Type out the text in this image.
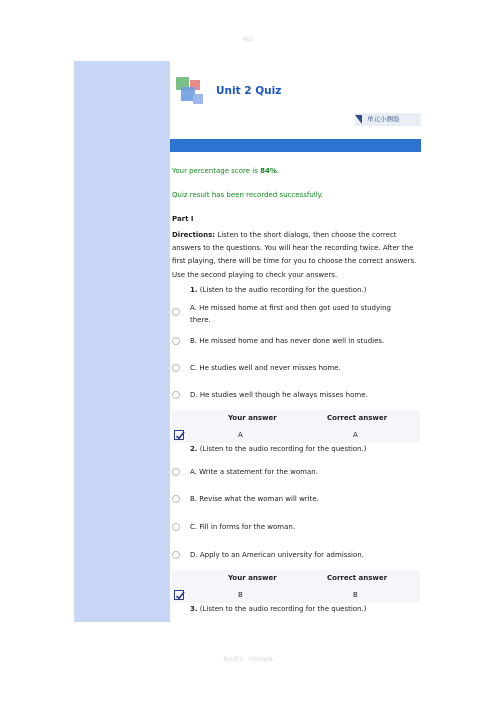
精品
Unit 2 Quiz
单元小测验
Your percentage score is 84%.
Quiz result has been recorded successfully.
Part I
Directions: Listen to the short dialogs, then choose the correct answers to the questions. You will hear the recording twice. After the first playing, there will be time for you to choose the correct answers. Use the second playing to check your answers.
1. (Listen to the audio recording for the question.)
A. He missed home at first and then got used to studying there.
B. He missed home and has never done well in studies.
C. He studies well and never misses home.
D. He studies well though he always misses home.
Your answer	Correct answer
A	A
2. (Listen to the audio recording for the question.)
A. Write a statement for the woman.
B. Revise what the woman will write.
C. Fill in forms for the woman.
D. Apply to an American university for admission.
Your answer	Correct answer
B	B
3. (Listen to the audio recording for the question.)
精品教学 · 可修改编辑
